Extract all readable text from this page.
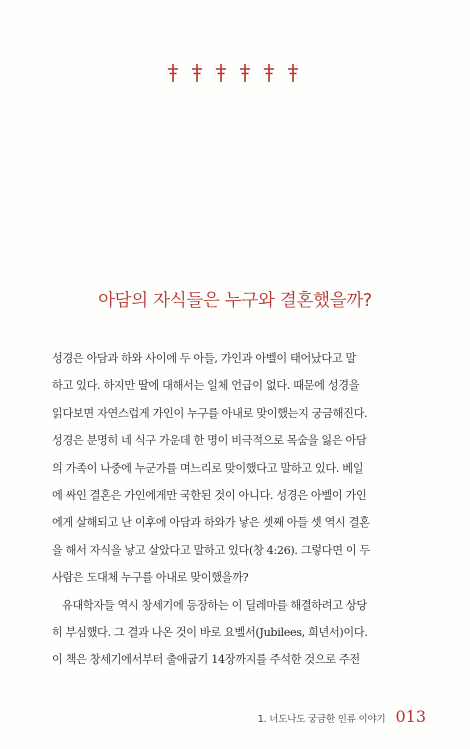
아담의 자식들은 누구와 결혼했을까?
성경은 아담과 하와 사이에 두 아들, 가인과 아벨이 태어났다고 말
하고 있다. 하지만 딸에 대해서는 일체 언급이 없다. 때문에 성경을
읽다보면 자연스럽게 가인이 누구를 아내로 맞이했는지 궁금해진다.
성경은 분명히 네 식구 가운데 한 명이 비극적으로 목숨을 잃은 아담
의 가족이 나중에 누군가를 며느리로 맞이했다고 말하고 있다. 베일
에 싸인 결혼은 가인에게만 국한된 것이 아니다. 성경은 아벨이 가인
에게 살해되고 난 이후에 아담과 하와가 낳은 셋째 아들 셋 역시 결혼
을 해서 자식을 낳고 살았다고 말하고 있다(창 4:26). 그렇다면 이 두
사람은 도대체 누구를 아내로 맞이했을까?
유대학자들 역시 창세기에 등장하는 이 딜레마를 해결하려고 상당
히 부심했다. 그 결과 나온 것이 바로 요벨서(Jubilees, 희년서)이다.
이 책은 창세기에서부터 출애굽기 14장까지를 주석한 것으로 주전
1. 너도나도 궁금한 인류 이야기 013
